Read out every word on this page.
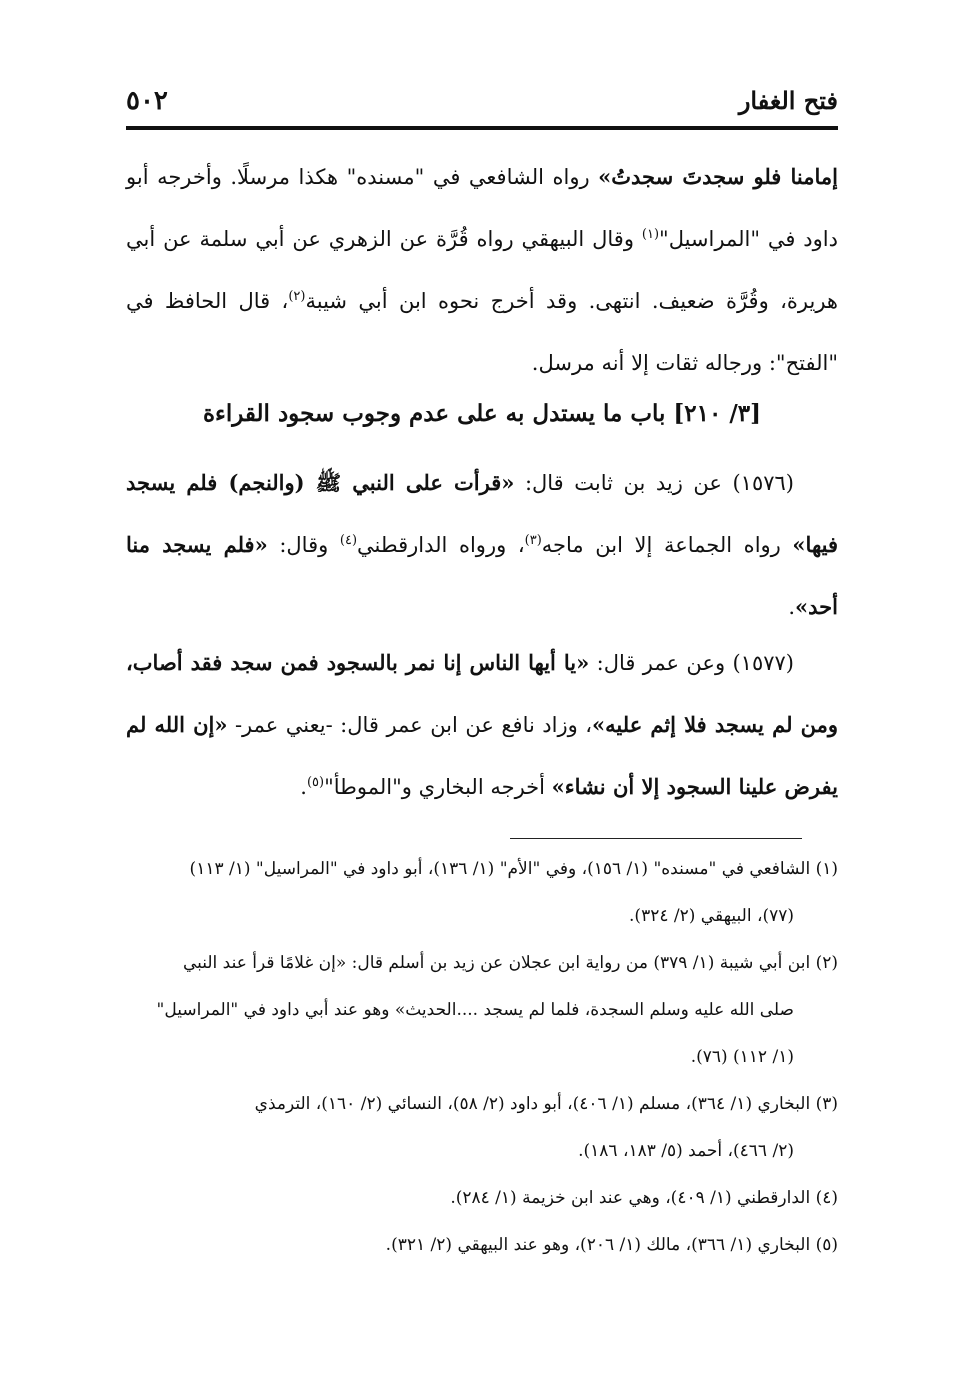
فتح الغفار
٥٠٢

إمامنا فلو سجدتَ سجدتُ» رواه الشافعي في "مسنده" هكذا مرسلًا. وأخرجه أبو داود في "المراسيل"$^{(١)}$ وقال البيهقي رواه قُرَّة عن الزهري عن أبي سلمة عن أبي هريرة، وقُرَّة ضعيف. انتهى. وقد أخرج نحوه ابن أبي شيبة$^{(٢)}$، قال الحافظ في "الفتح": ورجاله ثقات إلا أنه مرسل.

[٣/ ٢١٠] باب ما يستدل به على عدم وجوب سجود القراءة

(١٥٧٦) عن زيد بن ثابت قال: «قرأت على النبي ﷺ (والنجم) فلم يسجد فيها» رواه الجماعة إلا ابن ماجه$^{(٣)}$، ورواه الدارقطني$^{(٤)}$ وقال: «فلم يسجد منا أحد».

(١٥٧٧) وعن عمر قال: «يا أيها الناس إنا نمر بالسجود فمن سجد فقد أصاب، ومن لم يسجد فلا إثم عليه»، وزاد نافع عن ابن عمر قال: -يعني عمر- «إن الله لم يفرض علينا السجود إلا أن نشاء» أخرجه البخاري و"الموطأ"$^{(٥)}$.

(١) الشافعي في "مسنده" (١/ ١٥٦)، وفي "الأم" (١/ ١٣٦)، أبو داود في "المراسيل" (١/ ١١٣)

(٧٧)، البيهقي (٢/ ٣٢٤).

(٢) ابن أبي شيبة (١/ ٣٧٩) من رواية ابن عجلان عن زيد بن أسلم قال: «إن غلامًا قرأ عند النبي

صلى الله عليه وسلم السجدة، فلما لم يسجد ....الحديث» وهو عند أبي داود في "المراسيل"

(١/ ١١٢) (٧٦).

(٣) البخاري (١/ ٣٦٤)، مسلم (١/ ٤٠٦)، أبو داود (٢/ ٥٨)، النسائي (٢/ ١٦٠)، الترمذي

(٢/ ٤٦٦)، أحمد (٥/ ١٨٣، ١٨٦).

(٤) الدارقطني (١/ ٤٠٩)، وهي عند ابن خزيمة (١/ ٢٨٤).

(٥) البخاري (١/ ٣٦٦)، مالك (١/ ٢٠٦)، وهو عند البيهقي (٢/ ٣٢١).
